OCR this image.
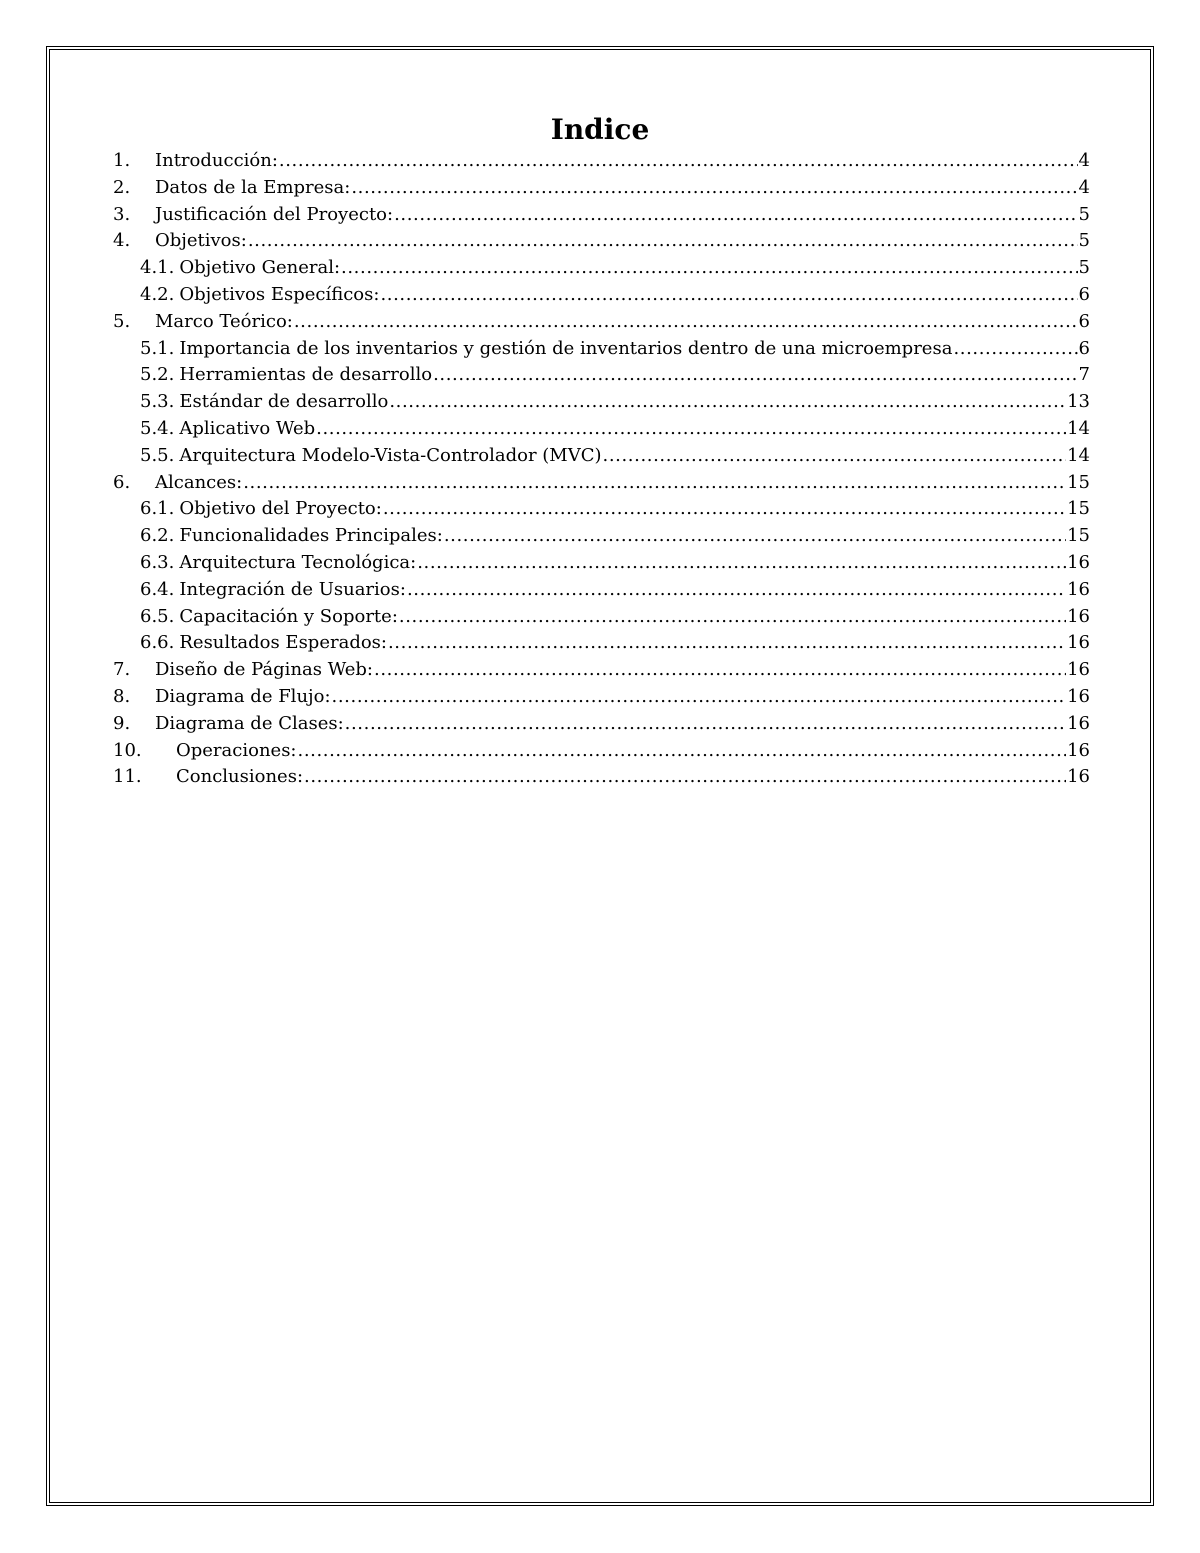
Indice
1.	Introducción: .....	4
2.	Datos de la Empresa: .....	4
3.	Justificación del Proyecto: .....	5
4.	Objetivos: .....	5
4.1. Objetivo General: .....	5
4.2. Objetivos Específicos: .....	6
5.	Marco Teórico: .....	6
5.1. Importancia de los inventarios y gestión de inventarios dentro de una microempresa .....	6
5.2. Herramientas de desarrollo .....	7
5.3. Estándar de desarrollo .....	13
5.4. Aplicativo Web .....	14
5.5. Arquitectura Modelo-Vista-Controlador (MVC) .....	14
6.	Alcances: .....	15
6.1. Objetivo del Proyecto: .....	15
6.2. Funcionalidades Principales: .....	15
6.3. Arquitectura Tecnológica: .....	16
6.4. Integración de Usuarios: .....	16
6.5. Capacitación y Soporte: .....	16
6.6. Resultados Esperados: .....	16
7.	Diseño de Páginas Web: .....	16
8.	Diagrama de Flujo: .....	16
9.	Diagrama de Clases: .....	16
10.	Operaciones: .....	16
11.	Conclusiones: .....	16
